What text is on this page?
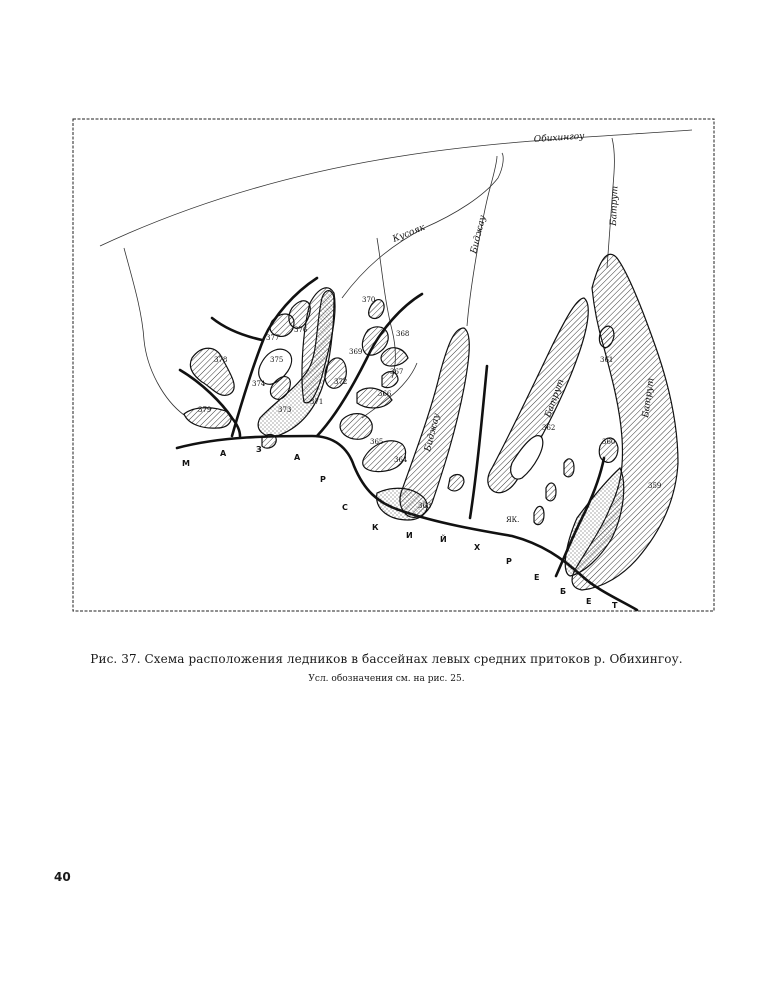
Обихингоу
Кусояк	Биджау
Биджау
Батрут
Батрут	Батрут
М
А	З
А
Р
С
К
И	Й
Х
Р
Е
Б
Е	Т
359
360
361
362
363
364
365
366
367
368
369
370
371
372
373
374
375
376
377
378
379
ЯК.
Рис. 37. Схема расположения ледников в бассейнах левых средних притоков р. Обихингоу.
Усл. обозначения см. на рис. 25.
40
